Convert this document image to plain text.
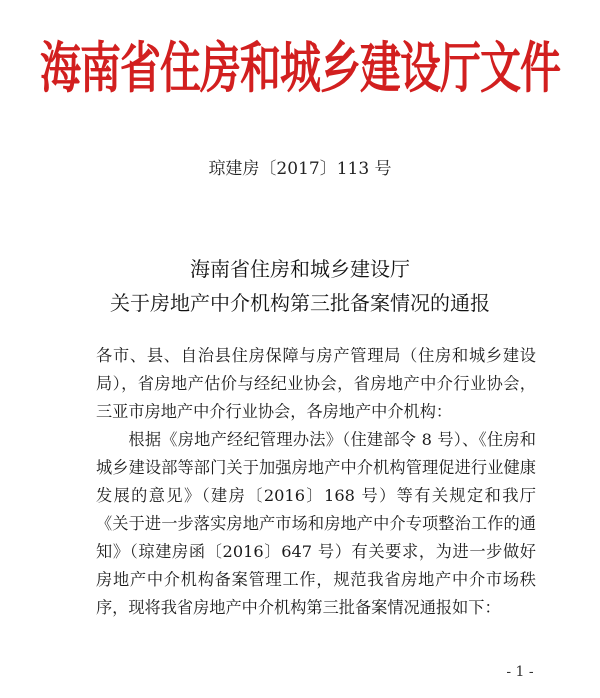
海南省住房和城乡建设厅文件
琼建房〔2017〕113 号
海南省住房和城乡建设厅
关于房地产中介机构第三批备案情况的通报

各市、县、自治县住房保障与房产管理局（住房和城乡建设局），省房地产估价与经纪业协会，省房地产中介行业协会，三亚市房地产中介行业协会，各房地产中介机构：

根据《房地产经纪管理办法》（住建部令 8 号）、《住房和城乡建设部等部门关于加强房地产中介机构管理促进行业健康发展的意见》（建房〔2016〕168 号）等有关规定和我厅《关于进一步落实房地产市场和房地产中介专项整治工作的通知》（琼建房函〔2016〕647 号）有关要求，为进一步做好房地产中介机构备案管理工作，规范我省房地产中介市场秩序，现将我省房地产中介机构第三批备案情况通报如下：

- 1 -
